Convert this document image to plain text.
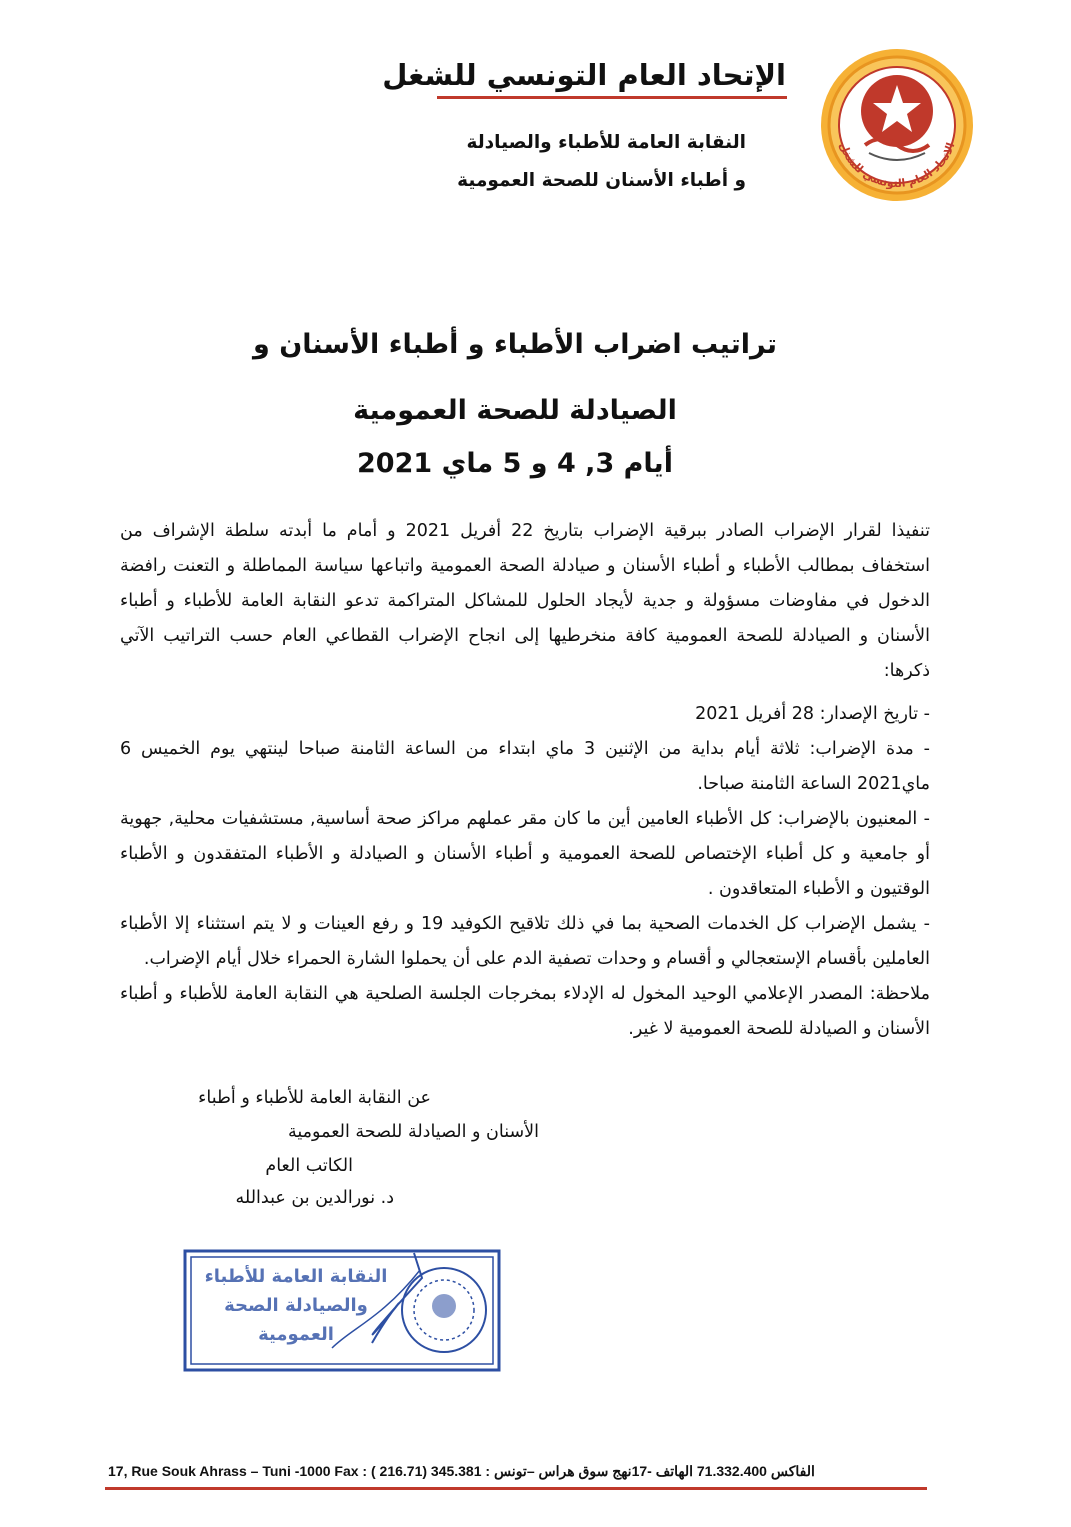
الاتحاد العام التونسي للشغل
الإتحاد العام التونسي للشغل
النقابة العامة للأطباء والصيادلة
و أطباء الأسنان للصحة العمومية
تراتيب اضراب الأطباء و أطباء الأسنان و
الصيادلة للصحة العمومية
أيام 3, 4 و 5 ماي 2021

تنفيذا لقرار الإضراب الصادر ببرقية الإضراب بتاريخ 22 أفريل 2021 و أمام ما أبدته سلطة الإشراف من استخفاف بمطالب الأطباء و أطباء الأسنان و صيادلة الصحة العمومية واتباعها سياسة المماطلة و التعنت رافضة الدخول في مفاوضات مسؤولة و جدية لأيجاد الحلول للمشاكل المتراكمة تدعو النقابة العامة للأطباء و أطباء الأسنان و الصيادلة للصحة العمومية كافة منخرطيها إلى انجاح الإضراب القطاعي العام حسب التراتيب الآتي ذكرها:

- تاريخ الإصدار: 28 أفريل 2021

- مدة الإضراب: ثلاثة أيام بداية من الإثنين 3 ماي ابتداء من الساعة الثامنة صباحا لينتهي يوم الخميس 6 ماي2021 الساعة الثامنة صباحا.

- المعنيون بالإضراب: كل الأطباء العامين أين ما كان مقر عملهم مراكز صحة أساسية, مستشفيات محلية, جهوية أو جامعية و كل أطباء الإختصاص للصحة العمومية و أطباء الأسنان و الصيادلة و الأطباء المتفقدون و الأطباء الوقتيون و الأطباء المتعاقدون .

- يشمل الإضراب كل الخدمات الصحية بما في ذلك تلاقيح الكوفيد 19 و رفع العينات و لا يتم استثناء إلا الأطباء العاملين بأقسام الإستعجالي و أقسام و وحدات تصفية الدم على أن يحملوا الشارة الحمراء خلال أيام الإضراب.

ملاحظة: المصدر الإعلامي الوحيد المخول له الإدلاء بمخرجات الجلسة الصلحية هي النقابة العامة للأطباء و أطباء الأسنان و الصيادلة للصحة العمومية لا غير.

عن النقابة العامة للأطباء و أطباء
الأسنان و الصيادلة للصحة العمومية
الكاتب العام
د. نورالدين بن عبدالله
النقابة العامة للأطباء والصيادلة الصحة العمومية
17, Rue Souk Ahrass – Tuni -1000 Fax : ( 216.71) 345.381 : الفاكس 71.332.400 الهاتف -17نهج سوق هراس –تونس
